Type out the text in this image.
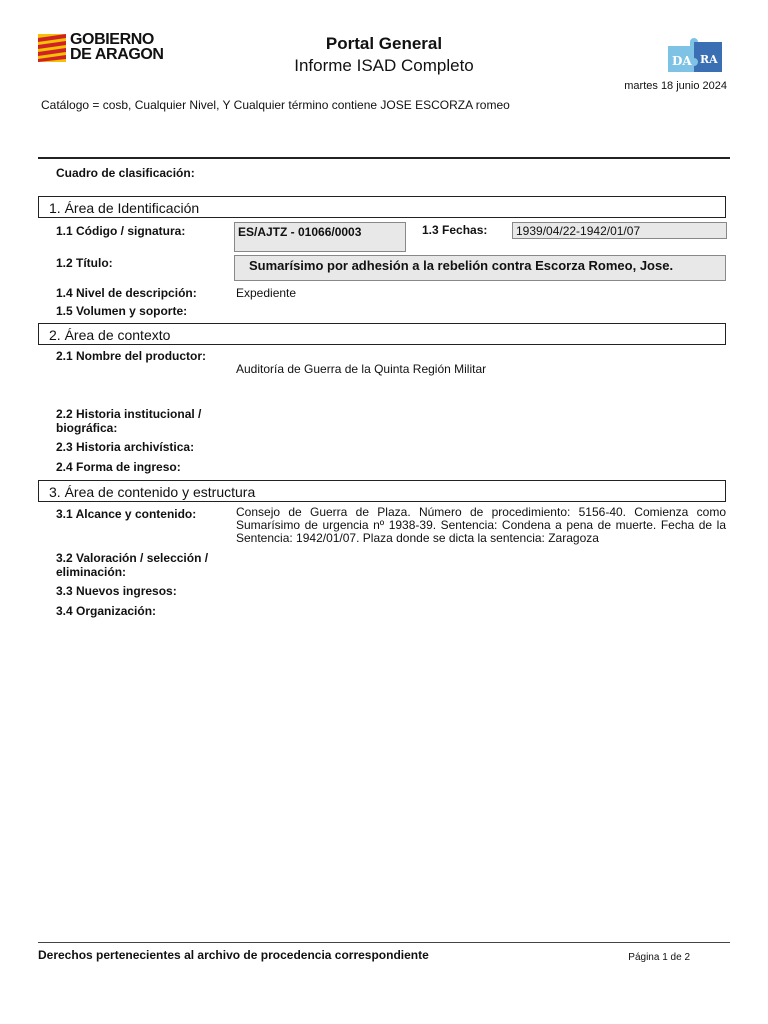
GOBIERNO
DE ARAGON
Portal General
Informe ISAD Completo	DA RA
martes 18 junio 2024
Catálogo = cosb, Cualquier Nivel, Y Cualquier término contiene JOSE ESCORZA romeo
Cuadro de clasificación:
1. Área de Identificación
1.1 Código / signatura:	ES/AJTZ - 01066/0003	1.3 Fechas:	1939/04/22-1942/01/07
1.2 Título:	Sumarísimo por adhesión a la rebelión contra Escorza Romeo, Jose.
1.4 Nivel de descripción:	Expediente
1.5 Volumen y soporte:
2. Área de contexto
2.1 Nombre del productor:
Auditoría de Guerra de la Quinta Región Militar
2.2 Historia institucional / biográfica:
2.3 Historia archivística:
2.4 Forma de ingreso:
3. Área de contenido y estructura
3.1 Alcance y contenido:	Consejo de Guerra de Plaza. Número de procedimiento: 5156-40. Comienza como Sumarísimo de urgencia nº 1938-39. Sentencia: Condena a pena de muerte. Fecha de la Sentencia: 1942/01/07. Plaza donde se dicta la sentencia: Zaragoza
3.2 Valoración / selección / eliminación:
3.3 Nuevos ingresos:
3.4 Organización:
Derechos pertenecientes al archivo de procedencia correspondiente	Página 1 de 2
